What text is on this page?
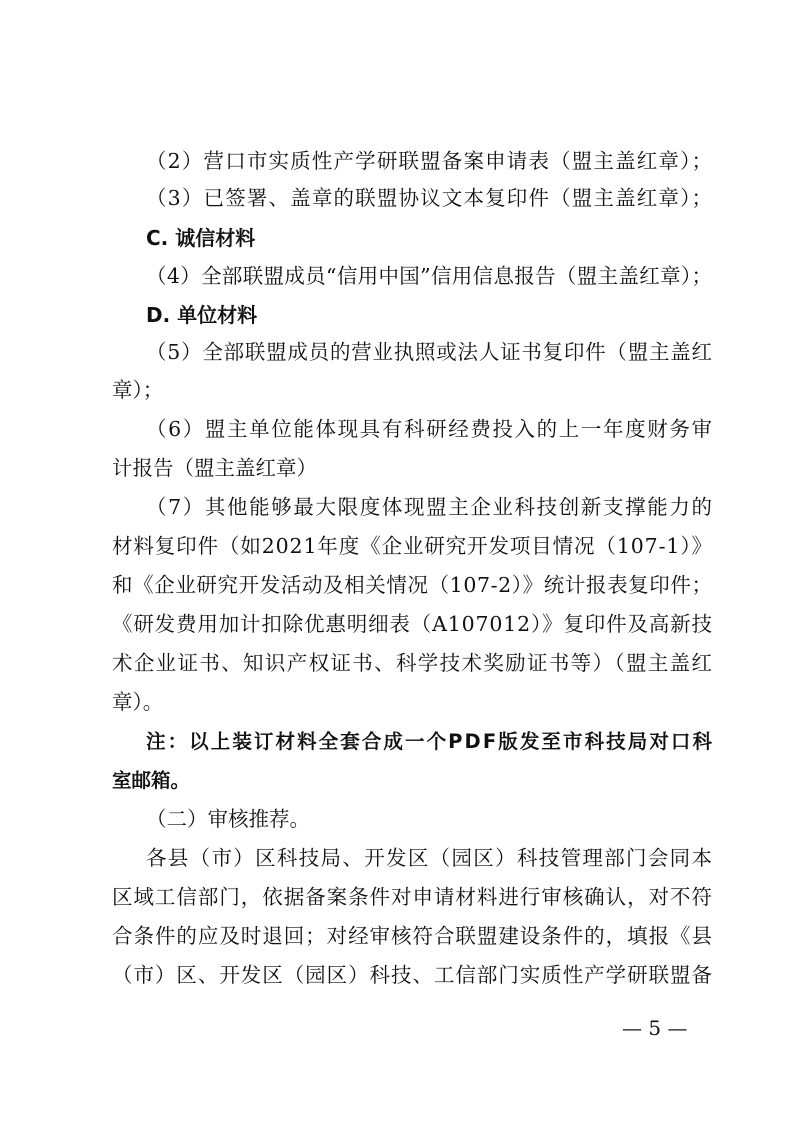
（2）营口市实质性产学研联盟备案申请表（盟主盖红章）；
（3）已签署、盖章的联盟协议文本复印件（盟主盖红章）；
C. 诚信材料
（4）全部联盟成员“信用中国”信用信息报告（盟主盖红章）；
D. 单位材料
（5）全部联盟成员的营业执照或法人证书复印件（盟主盖红
章）；
（6）盟主单位能体现具有科研经费投入的上一年度财务审
计报告（盟主盖红章）
（7）其他能够最大限度体现盟主企业科技创新支撑能力的
材料复印件（如2021年度《企业研究开发项目情况（107-1）》
和《企业研究开发活动及相关情况（107-2）》统计报表复印件；
《研发费用加计扣除优惠明细表（A107012）》复印件及高新技
术企业证书、知识产权证书、科学技术奖励证书等）（盟主盖红
章）。
注：以上装订材料全套合成一个PDF版发至市科技局对口科
室邮箱。
（二）审核推荐。
各县（市）区科技局、开发区（园区）科技管理部门会同本
区域工信部门，依据备案条件对申请材料进行审核确认，对不符
合条件的应及时退回；对经审核符合联盟建设条件的，填报《县
（市）区、开发区（园区）科技、工信部门实质性产学研联盟备
— 5 —
